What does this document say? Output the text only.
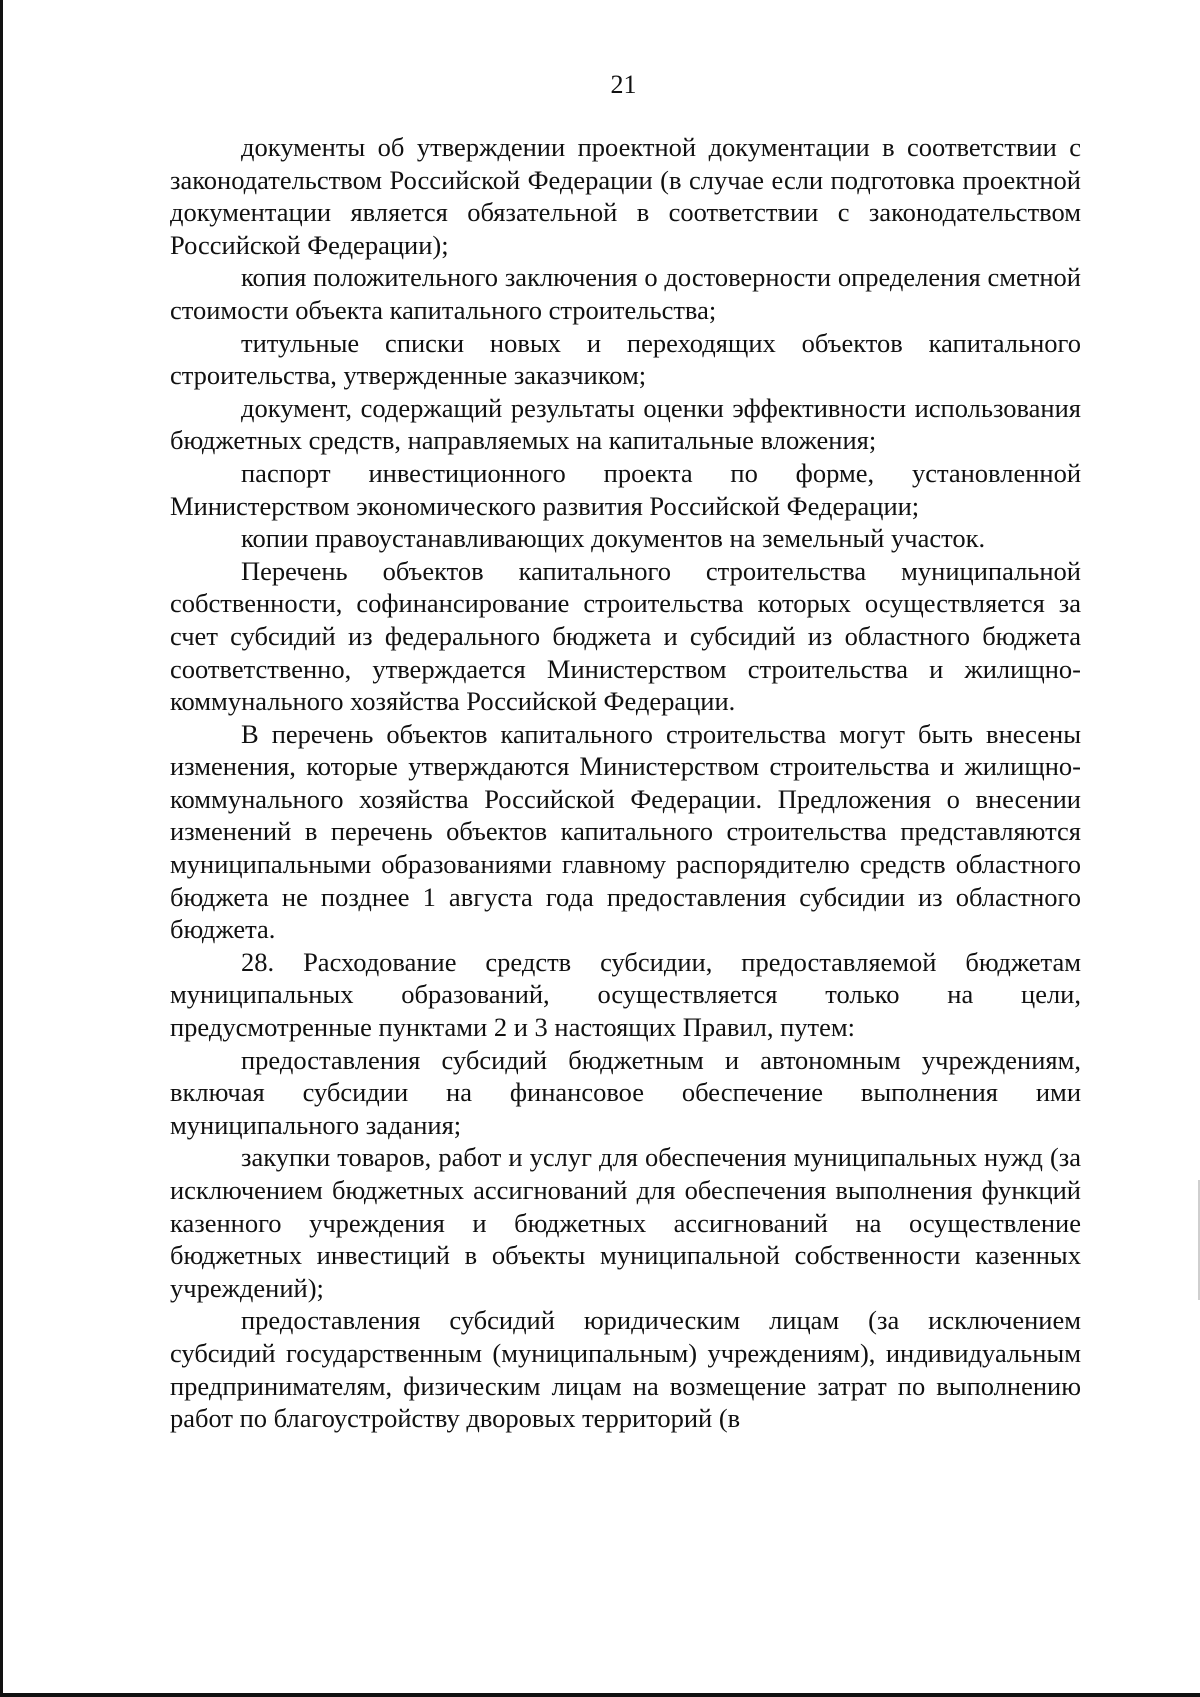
21

документы об утверждении проектной документации в соответствии с законодательством Российской Федерации (в случае если подготовка проектной документации является обязательной в соответствии с законодательством Российской Федерации);

копия положительного заключения о достоверности определения сметной стоимости объекта капитального строительства;

титульные списки новых и переходящих объектов капитального строительства, утвержденные заказчиком;

документ, содержащий результаты оценки эффективности использования бюджетных средств, направляемых на капитальные вложения;

паспорт инвестиционного проекта по форме, установленной Министерством экономического развития Российской Федерации;

копии правоустанавливающих документов на земельный участок.

Перечень объектов капитального строительства муниципальной собственности, софинансирование строительства которых осуществляется за счет субсидий из федерального бюджета и субсидий из областного бюджета соответственно, утверждается Министерством строительства и жилищно-коммунального хозяйства Российской Федерации.

В перечень объектов капитального строительства могут быть внесены изменения, которые утверждаются Министерством строительства и жилищно-коммунального хозяйства Российской Федерации. Предложения о внесении изменений в перечень объектов капитального строительства представляются муниципальными образованиями главному распорядителю средств областного бюджета не позднее 1 августа года предоставления субсидии из областного бюджета.

28. Расходование средств субсидии, предоставляемой бюджетам муниципальных образований, осуществляется только на цели, предусмотренные пунктами 2 и 3 настоящих Правил, путем:

предоставления субсидий бюджетным и автономным учреждениям, включая субсидии на финансовое обеспечение выполнения ими муниципального задания;

закупки товаров, работ и услуг для обеспечения муниципальных нужд (за исключением бюджетных ассигнований для обеспечения выполнения функций казенного учреждения и бюджетных ассигнований на осуществление бюджетных инвестиций в объекты муниципальной собственности казенных учреждений);

предоставления субсидий юридическим лицам (за исключением субсидий государственным (муниципальным) учреждениям), индивидуальным предпринимателям, физическим лицам на возмещение затрат по выполнению работ по благоустройству дворовых территорий (в
